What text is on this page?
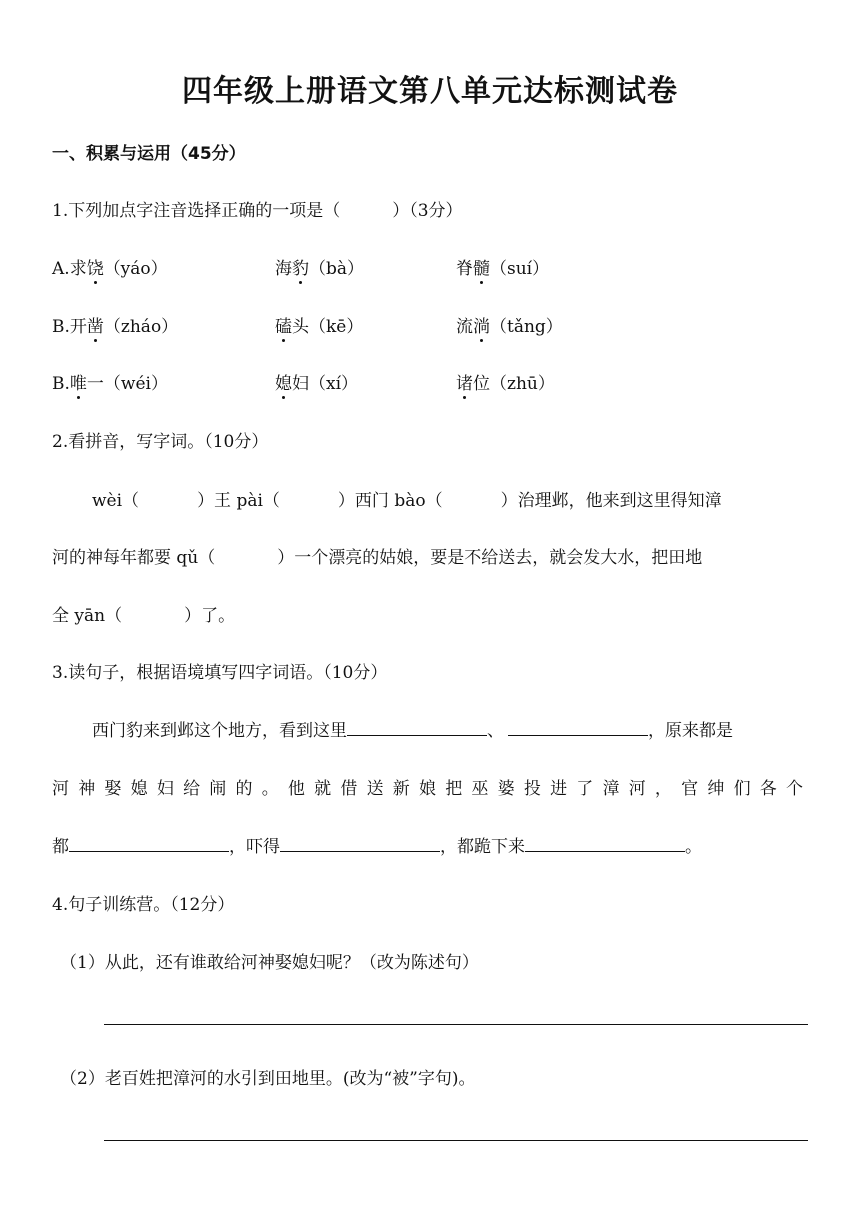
四年级上册语文第八单元达标测试卷
一、积累与运用（45分）
1.下列加点字注音选择正确的一项是（	）（3分）
A.求饶（yáo）	海豹（bà）	脊髓（suí）
B.开凿（zháo）	磕头（kē）	流淌（tǎng）
B.唯一（wéi）	媳妇（xí）	诸位（zhū）
2.看拼音，写字词。（10分）
wèi（	）王 pài（	）西门 bào（	）治理邺，他来到这里得知漳
河的神每年都要 qǔ（	）一个漂亮的姑娘，要是不给送去，就会发大水，把田地
全 yān（	）了。
3.读句子，根据语境填写四字词语。（10分）
西门豹来到邺这个地方，看到这里	、	，原来都是
河神娶媳妇给闹的。他就借送新娘把巫婆投进了漳河，官绅们各个
都	，吓得	，都跪下来	。
4.句子训练营。（12分）
（1）从此，还有谁敢给河神娶媳妇呢？（改为陈述句）
（2）老百姓把漳河的水引到田地里。(改为“被”字句)。
